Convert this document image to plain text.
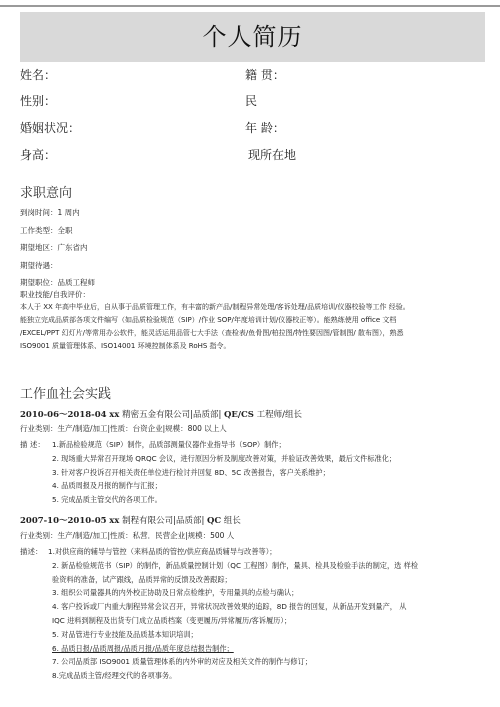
个人简历
姓名：	籍 贯：
性别：	民
婚姻状况：	年 龄：
身高：	现所在地
求职意向
到岗时间：1 周内
工作类型：全职
期望地区：广东省内
期望待遇：
期望职位：品质工程师
职业技能/自我评价：
本人于 XX 年高中毕业后，自从事于品质管理工作，有丰富的新产品/制程异常处理/客诉处理/品质培训/仪器校验等工作 经验。
能独立完成品质部各项文件编写（如品质检验规范（SIP）/作业 SOP/年度培训计划/仪器校正等）。能熟练使用 office 文档
/EXCEL/PPT 幻灯片/等常用办公软件，能灵活运用品管七大手法（查检表/鱼骨图/柏拉图/特性要因图/管制图/ 散布图），熟悉
ISO9001 质量管理体系、ISO14001 环境控制体系及 RoHS 指令。
工作血社会实践
2010-06～2018-04 xx 精密五金有限公司|品质部| QE/CS 工程师/组长
行业类别：生产/制造/加工|性质：台资企业|规模：800 以上人
描 述： 1.新品检验规范（SIP）制作，品质部测量仪器作业指导书（SOP）制作；
2. 现场重大异常召开现场 QRQC 会议，进行原因分析及制度改善对策，并验证改善效果，最后文件标准化；
3. 针对客户投诉召开相关责任单位进行检讨并回复 8D、5C 改善报告，客户关系维护；
4. 品质周报及月报的制作与汇报；
5. 完成品质主管交代的各项工作。
2007-10～2010-05 xx 制程有限公司|品质部| QC 组长
行业类别：生产/制造/加工|性质：私营．民营企业|规模：500 人
描述： 1.对供应商的辅导与管控（来料品质的管控/供应商品质辅导与改善等）；
2. 新品检验规范书（SIP）的制作，新品质量控制计划（QC 工程图）制作，量具、检具及检验手法的制定，选 样检
验资料的准备，试产跟线，品质异常的反馈及改善跟踪；
3. 组织公司量器具的内外校正协助及日常点检维护，专用量具的点检与确认；
4. 客户投诉或厂内重大制程异常会议召开，异常状况改善效果的追踪，8D 报告的回复，从新品开发到量产， 从
IQC 进料到制程及出货专门成立品质档案（变更履历/异常履历/客诉履历）；
5. 对品管进行专业技能及品质基本知识培训；
6. 品质日报/品质周报/品质月报/品质年度总结报告制作；
7. 公司品质部 ISO9001 质量管理体系的内外审的对应及相关文件的制作与修订；
8.完成品质主管/经理交代的各项事务。
